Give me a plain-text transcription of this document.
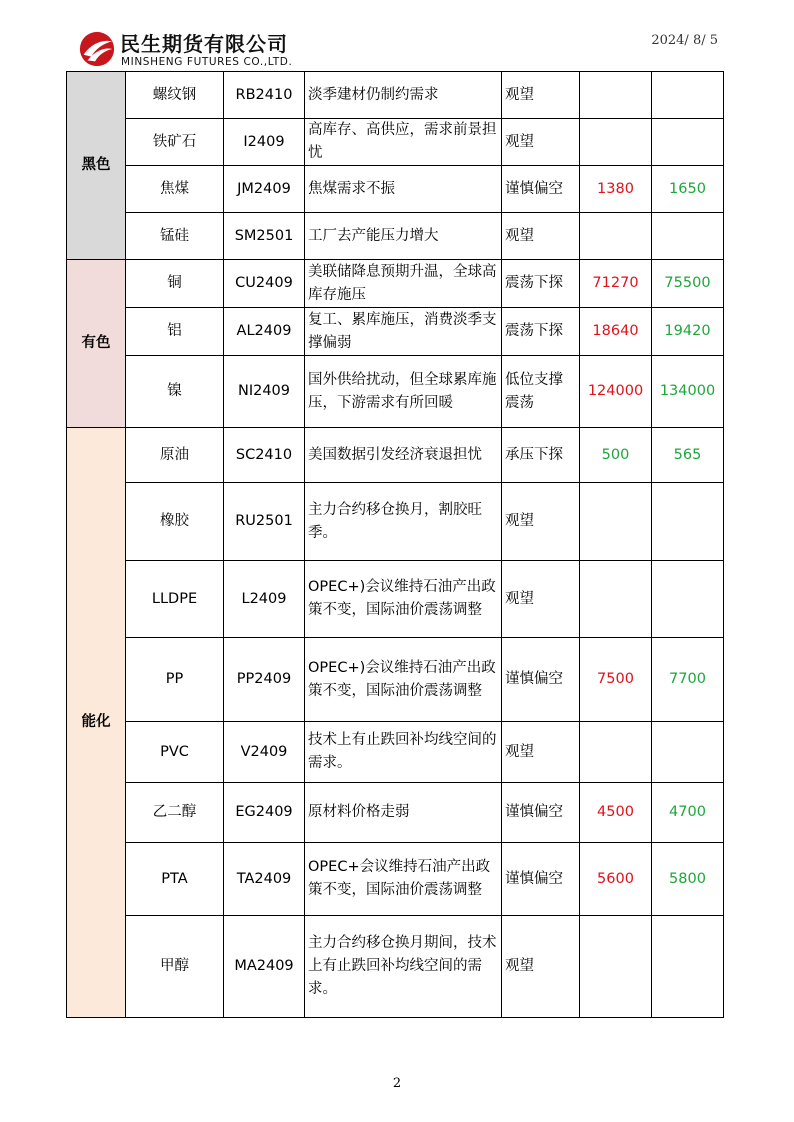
民生期货有限公司
MINSHENG FUTURES CO.,LTD.
2024/ 8/ 5
黑色	螺纹钢	RB2410	淡季建材仍制约需求	观望		
	铁矿石	I2409	高库存、高供应，需求前景担忧	观望		
	焦煤	JM2409	焦煤需求不振	谨慎偏空	1380	1650
	锰硅	SM2501	工厂去产能压力增大	观望		
有色	铜	CU2409	美联储降息预期升温，全球高库存施压	震荡下探	71270	75500
	铝	AL2409	复工、累库施压，消费淡季支撑偏弱	震荡下探	18640	19420
	镍	NI2409	国外供给扰动，但全球累库施压，下游需求有所回暖	低位支撑震荡	124000	134000
能化	原油	SC2410	美国数据引发经济衰退担忧	承压下探	500	565
	橡胶	RU2501	主力合约移仓换月，割胶旺季。	观望		
	LLDPE	L2409	OPEC+)会议维持石油产出政策不变，国际油价震荡调整	观望		
	PP	PP2409	OPEC+)会议维持石油产出政策不变，国际油价震荡调整	谨慎偏空	7500	7700
	PVC	V2409	技术上有止跌回补均线空间的需求。	观望		
	乙二醇	EG2409	原材料价格走弱	谨慎偏空	4500	4700
	PTA	TA2409	OPEC+会议维持石油产出政策不变，国际油价震荡调整	谨慎偏空	5600	5800
	甲醇	MA2409	主力合约移仓换月期间，技术上有止跌回补均线空间的需求。	观望		
2
